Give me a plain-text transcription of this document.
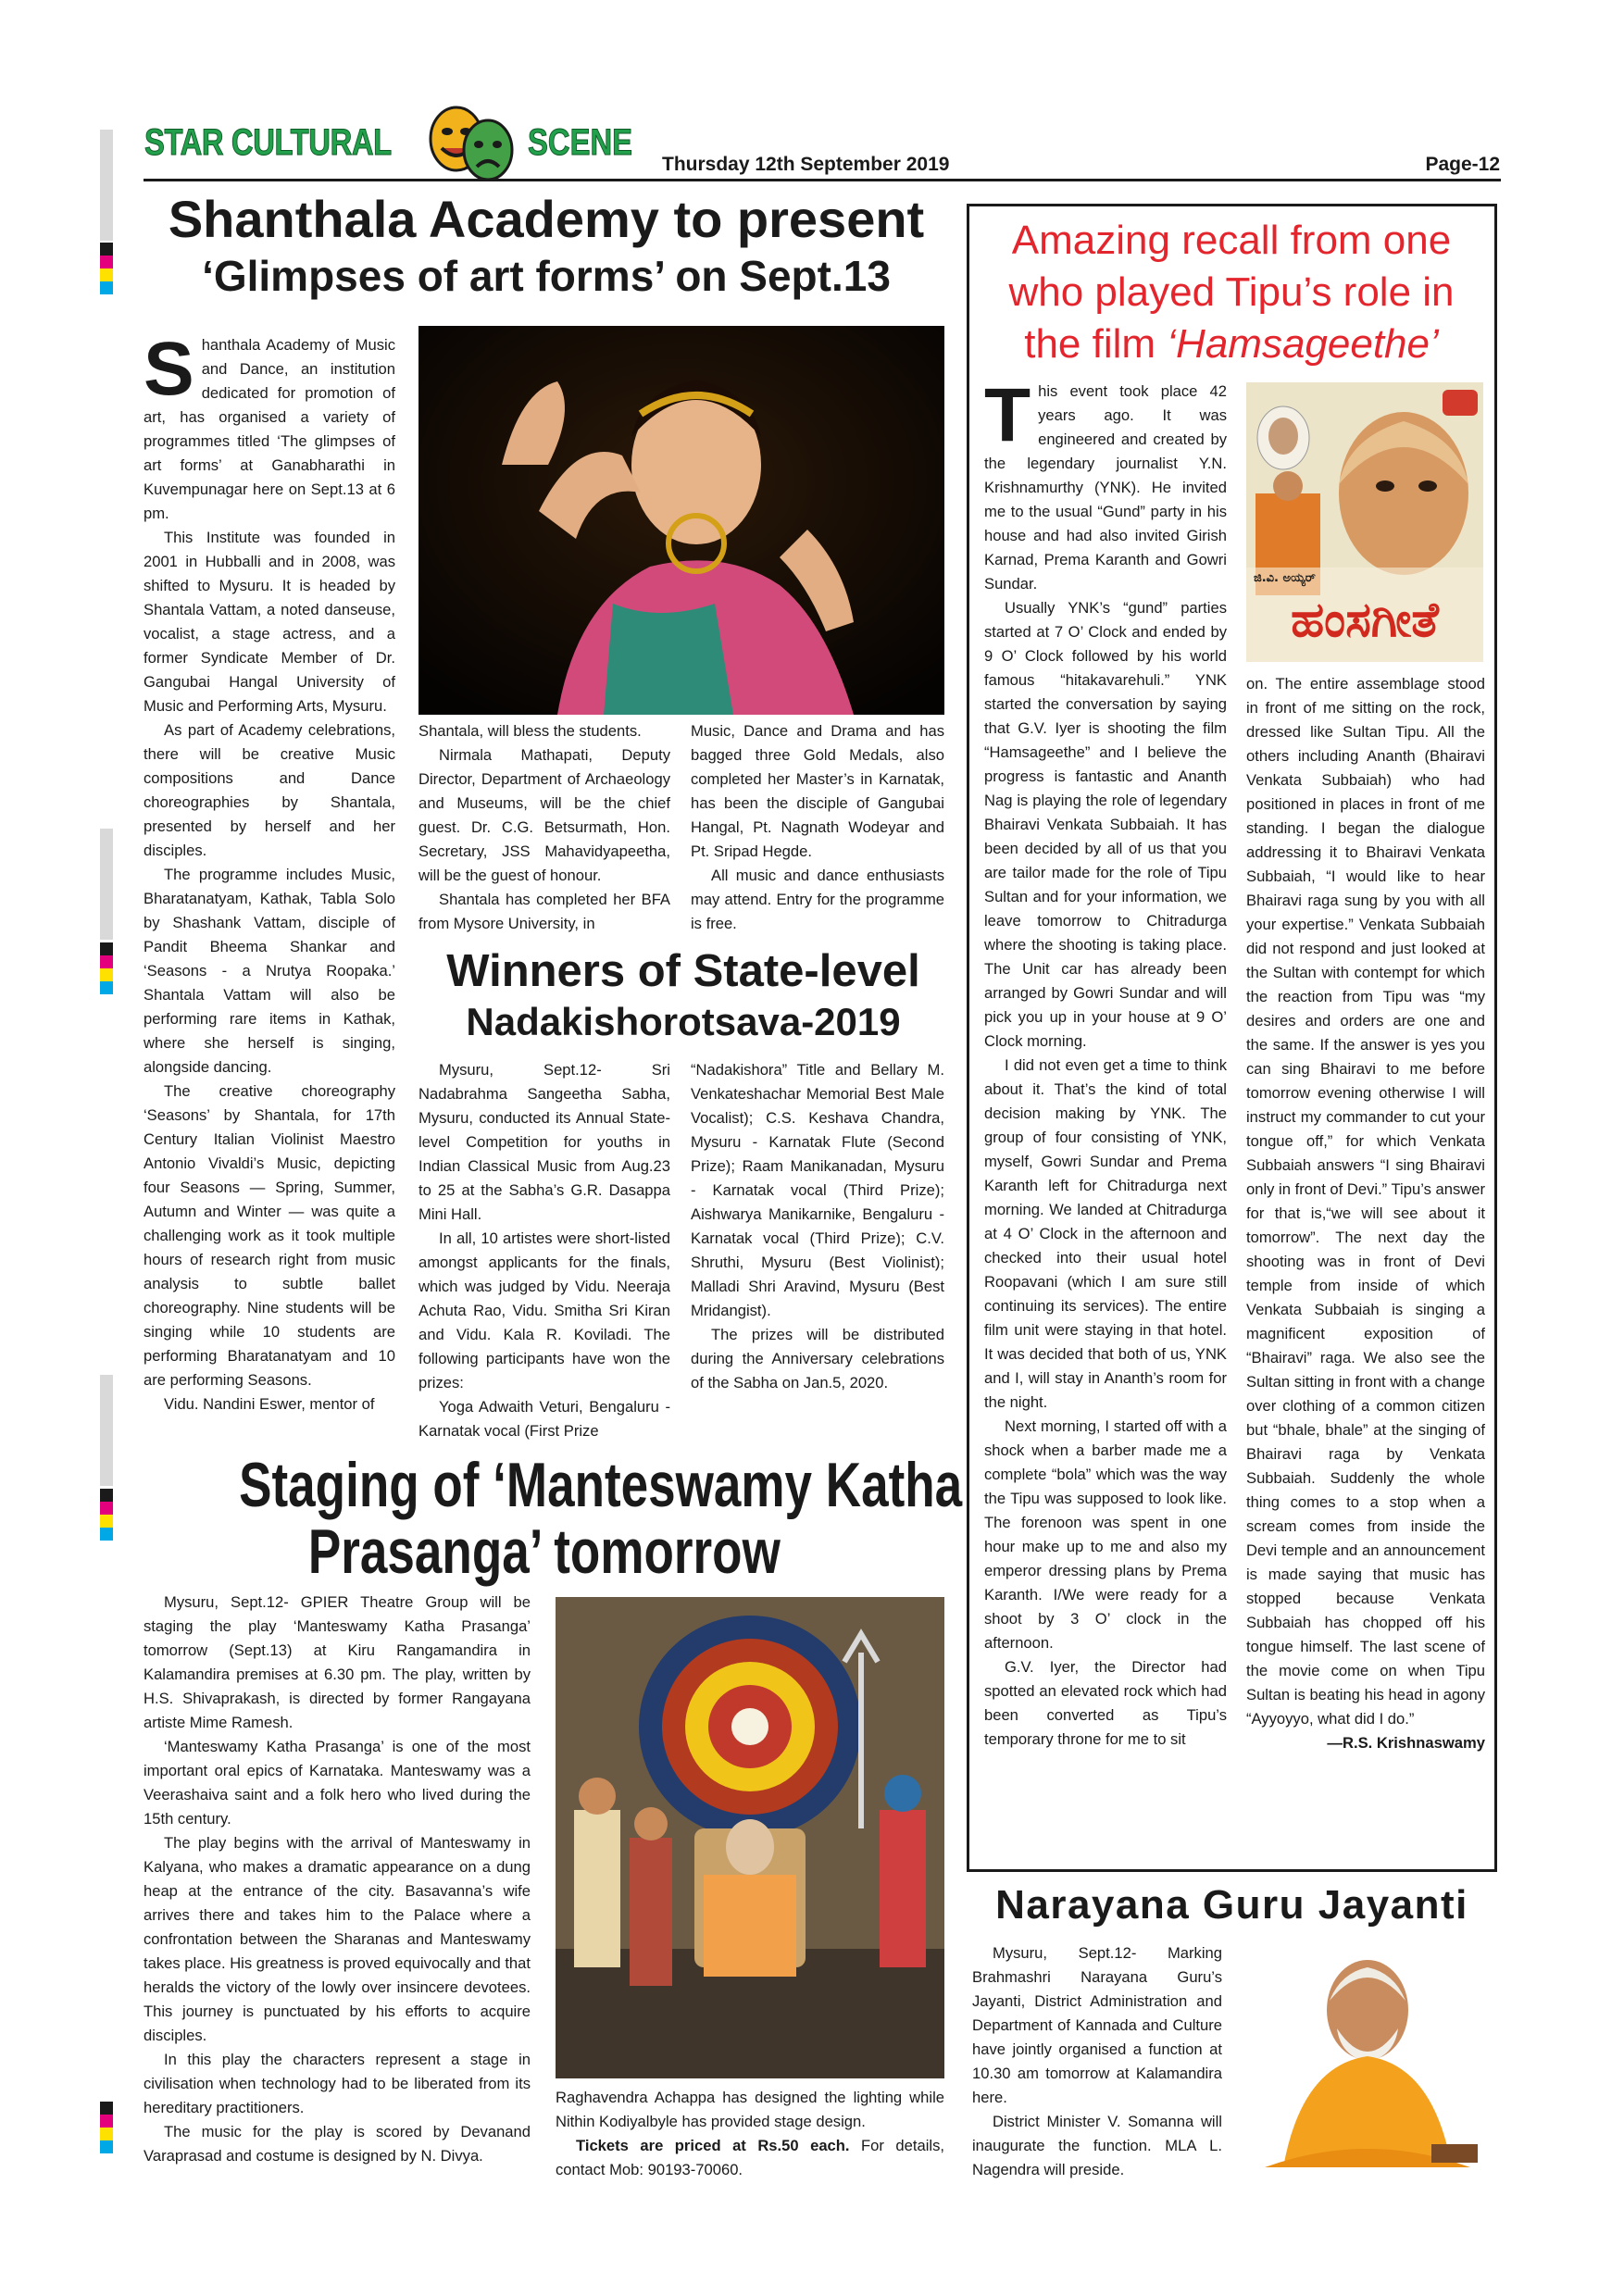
STAR CULTURAL	SCENE
Thursday 12th September 2019	Page-12
Shanthala Academy to present
‘Glimpses of art forms’ on Sept.13

Shanthala Academy of Music and Dance, an institution dedicated for promotion of art, has organised a variety of programmes titled ‘The glimpses of art forms’ at Ganabharathi in Kuvempunagar here on Sept.13 at 6 pm.

This Institute was founded in 2001 in Hubballi and in 2008, was shifted to Mysuru. It is headed by Shantala Vattam, a noted danseuse, vocalist, a stage actress, and a former Syndicate Member of Dr. Gangubai Hangal University of Music and Performing Arts, Mysuru.

As part of Academy celebrations, there will be creative Music compositions and Dance choreographies by Shantala, presented by herself and her disciples.

The programme includes Music, Bharatanatyam, Kathak, Tabla Solo by Shashank Vattam, disciple of Pandit Bheema Shankar and ‘Seasons - a Nrutya Roopaka.’ Shantala Vattam will also be performing rare items in Kathak, where she herself is singing, alongside dancing.

The creative choreography ‘Seasons’ by Shantala, for 17th Century Italian Violinist Maestro Antonio Vivaldi’s Music, depicting four Seasons — Spring, Summer, Autumn and Winter — was quite a challenging work as it took multiple hours of research right from music analysis to subtle ballet choreography. Nine students will be singing while 10 students are performing Bharatanatyam and 10 are performing Seasons.

Vidu. Nandini Eswer, mentor of

Shantala, will bless the students.

Nirmala Mathapati, Deputy Director, Department of Archaeology and Museums, will be the chief guest. Dr. C.G. Betsurmath, Hon. Secretary, JSS Mahavidyapeetha, will be the guest of honour.

Shantala has completed her BFA from Mysore University, in

Music, Dance and Drama and has bagged three Gold Medals, also completed her Master’s in Karnatak, has been the disciple of Gangubai Hangal, Pt. Nagnath Wodeyar and Pt. Sripad Hegde.

All music and dance enthusiasts may attend. Entry for the programme is free.

Winners of State-level
Nadakishorotsava-2019

Mysuru, Sept.12- Sri Nadabrahma Sangeetha Sabha, Mysuru, conducted its Annual State-level Competition for youths in Indian Classical Music from Aug.23 to 25 at the Sabha’s G.R. Dasappa Mini Hall.

In all, 10 artistes were short-listed amongst applicants for the finals, which was judged by Vidu. Neeraja Achuta Rao, Vidu. Smitha Sri Kiran and Vidu. Kala R. Koviladi. The following participants have won the prizes:

Yoga Adwaith Veturi, Bengaluru - Karnatak vocal (First Prize

“Nadakishora” Title and Bellary M. Venkateshachar Memorial Best Male Vocalist); C.S. Keshava Chandra, Mysuru - Karnatak Flute (Second Prize); Raam Manikanadan, Mysuru - Karnatak vocal (Third Prize); Aishwarya Manikarnike, Bengaluru - Karnatak vocal (Third Prize); C.V. Shruthi, Mysuru (Best Violinist); Malladi Shri Aravind, Mysuru (Best Mridangist).

The prizes will be distributed during the Anniversary celebrations of the Sabha on Jan.5, 2020.

Staging of ‘Manteswamy Katha
Prasanga’ tomorrow

Mysuru, Sept.12- GPIER Theatre Group will be staging the play ‘Manteswamy Katha Prasanga’ tomorrow (Sept.13) at Kiru Rangamandira in Kalamandira premises at 6.30 pm. The play, written by H.S. Shivaprakash, is directed by former Rangayana artiste Mime Ramesh.

‘Manteswamy Katha Prasanga’ is one of the most important oral epics of Karnataka. Manteswamy was a Veerashaiva saint and a folk hero who lived during the 15th century.

The play begins with the arrival of Manteswamy in Kalyana, who makes a dramatic appearance on a dung heap at the entrance of the city. Basavanna’s wife arrives there and takes him to the Palace where a confrontation between the Sharanas and Manteswamy takes place. His greatness is proved equivocally and that heralds the victory of the lowly over insincere devotees. This journey is punctuated by his efforts to acquire disciples.

In this play the characters represent a stage in civilisation when technology had to be liberated from its hereditary practitioners.

The music for the play is scored by Devanand Varaprasad and costume is designed by N. Divya.

Raghavendra Achappa has designed the lighting while Nithin Kodiyalbyle has provided stage design.

Tickets are priced at Rs.50 each. For details, contact Mob: 90193-70060.

Amazing recall from one
who played Tipu’s role in
the film ‘Hamsageethe’

This event took place 42 years ago. It was engineered and created by the legendary journalist Y.N. Krishnamurthy (YNK). He invited me to the usual “Gund” party in his house and had also invited Girish Karnad, Prema Karanth and Gowri Sundar.

Usually YNK’s “gund” parties started at 7 O’ Clock and ended by 9 O’ Clock followed by his world famous “hitakavarehuli.” YNK started the conversation by saying that G.V. Iyer is shooting the film “Hamsageethe” and I believe the progress is fantastic and Ananth Nag is playing the role of legendary Bhairavi Venkata Subbaiah. It has been decided by all of us that you are tailor made for the role of Tipu Sultan and for your information, we leave tomorrow to Chitradurga where the shooting is taking place. The Unit car has already been arranged by Gowri Sundar and will pick you up in your house at 9 O’ Clock morning.

I did not even get a time to think about it. That’s the kind of total decision making by YNK. The group of four consisting of YNK, myself, Gowri Sundar and Prema Karanth left for Chitradurga next morning. We landed at Chitradurga at 4 O’ Clock in the afternoon and checked into their usual hotel Roopavani (which I am sure still continuing its services). The entire film unit were staying in that hotel. It was decided that both of us, YNK and I, will stay in Ananth’s room for the night.

Next morning, I started off with a shock when a barber made me a complete “bola” which was the way the Tipu was supposed to look like. The forenoon was spent in one hour make up to me and also my emperor dressing plans by Prema Karanth. I/We were ready for a shoot by 3 O’ clock in the afternoon.

G.V. Iyer, the Director had spotted an elevated rock which had been converted as Tipu’s temporary throne for me to sit

ಜಿ.ವಿ. ಅಯ್ಯರ್
ಹಂಸಗೀತೆ

on. The entire assemblage stood in front of me sitting on the rock, dressed like Sultan Tipu. All the others including Ananth (Bhairavi Venkata Subbaiah) who had positioned in places in front of me standing. I began the dialogue addressing it to Bhairavi Venkata Subbaiah, “I would like to hear Bhairavi raga sung by you with all your expertise.” Venkata Subbaiah did not respond and just looked at the Sultan with contempt for which the reaction from Tipu was “my desires and orders are one and the same. If the answer is yes you can sing Bhairavi to me before tomorrow evening otherwise I will instruct my commander to cut your tongue off,” for which Venkata Subbaiah answers “I sing Bhairavi only in front of Devi.” Tipu’s answer for that is,“we will see about it tomorrow”. The next day the shooting was in front of Devi temple from inside of which Venkata Subbaiah is singing a magnificent exposition of “Bhairavi” raga. We also see the Sultan sitting in front with a change over clothing of a common citizen but “bhale, bhale” at the singing of Bhairavi raga by Venkata Subbaiah. Suddenly the whole thing comes to a stop when a scream comes from inside the Devi temple and an announcement is made saying that music has stopped because Venkata Subbaiah has chopped off his tongue himself. The last scene of the movie come on when Tipu Sultan is beating his head in agony “Ayyoyyo, what did I do.”

—R.S. Krishnaswamy

Narayana Guru Jayanti

Mysuru, Sept.12- Marking Brahmashri Narayana Guru’s Jayanti, District Administration and Department of Kannada and Culture have jointly organised a function at 10.30 am tomorrow at Kalamandira here.

District Minister V. Somanna will inaugurate the function. MLA L. Nagendra will preside.
